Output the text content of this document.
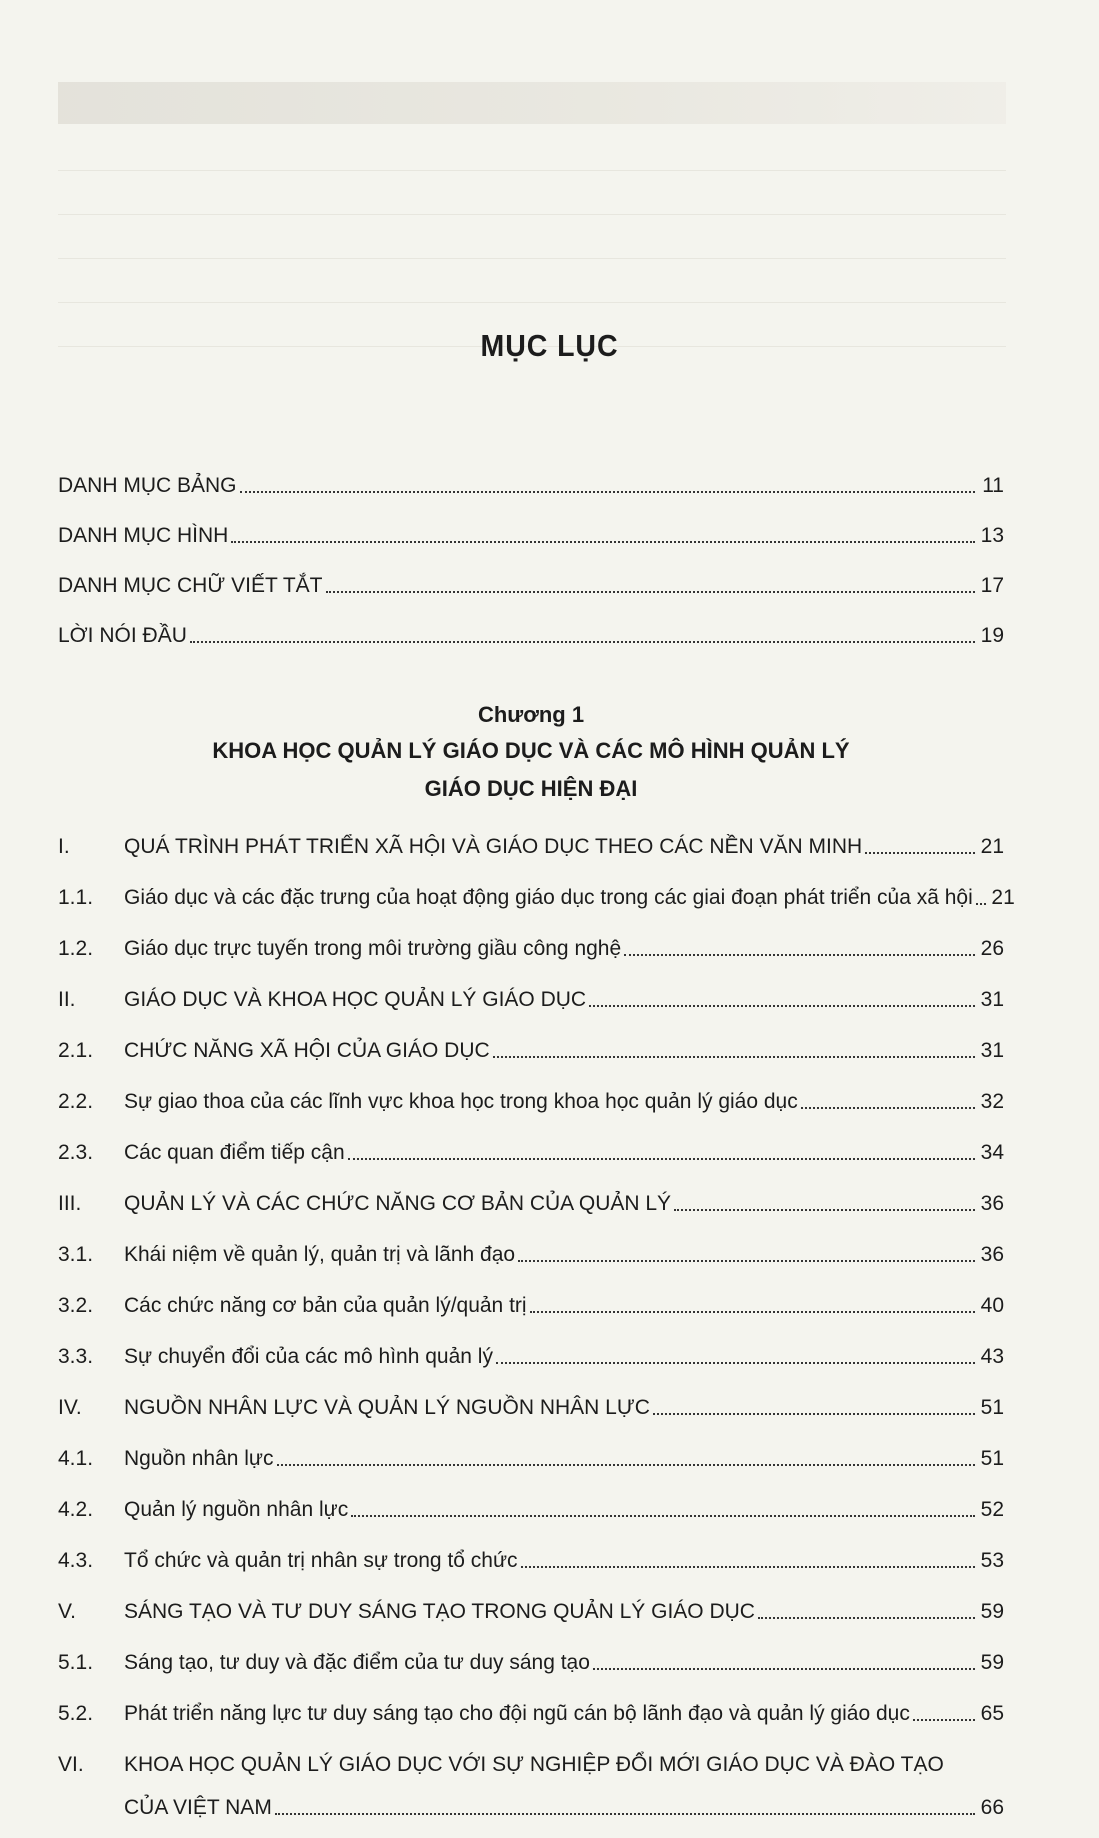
MỤC LỤC
DANH MỤC BẢNG	11
DANH MỤC HÌNH	13
DANH MỤC CHỮ VIẾT TẮT	17
LỜI NÓI ĐẦU	19
Chương 1
KHOA HỌC QUẢN LÝ GIÁO DỤC VÀ CÁC MÔ HÌNH QUẢN LÝ
GIÁO DỤC HIỆN ĐẠI
I.	QUÁ TRÌNH PHÁT TRIỂN XÃ HỘI VÀ GIÁO DỤC THEO CÁC NỀN VĂN MINH	21
1.1.	Giáo dục và các đặc trưng của hoạt động giáo dục trong các giai đoạn phát triển của xã hội 21
1.2.	Giáo dục trực tuyến trong môi trường giầu công nghệ	26
II.	GIÁO DỤC VÀ KHOA HỌC QUẢN LÝ GIÁO DỤC	31
2.1.	CHỨC NĂNG XÃ HỘI CỦA GIÁO DỤC	31
2.2.	Sự giao thoa của các lĩnh vực khoa học trong khoa học quản lý giáo dục	32
2.3.	Các quan điểm tiếp cận	34
III.	QUẢN LÝ VÀ CÁC CHỨC NĂNG CƠ BẢN CỦA QUẢN LÝ	36
3.1.	Khái niệm về quản lý, quản trị và lãnh đạo	36
3.2.	Các chức năng cơ bản của quản lý/quản trị	40
3.3.	Sự chuyển đổi của các mô hình quản lý	43
IV.	NGUỒN NHÂN LỰC VÀ QUẢN LÝ NGUỒN NHÂN LỰC	51
4.1.	Nguồn nhân lực	51
4.2.	Quản lý nguồn nhân lực	52
4.3.	Tổ chức và quản trị nhân sự trong tổ chức	53
V.	SÁNG TẠO VÀ TƯ DUY SÁNG TẠO TRONG QUẢN LÝ GIÁO DỤC	59
5.1.	Sáng tạo, tư duy và đặc điểm của tư duy sáng tạo	59
5.2.	Phát triển năng lực tư duy sáng tạo cho đội ngũ cán bộ lãnh đạo và quản lý giáo dục	65
VI.	KHOA HỌC QUẢN LÝ GIÁO DỤC VỚI SỰ NGHIỆP ĐỔI MỚI GIÁO DỤC VÀ ĐÀO TẠO
CỦA VIỆT NAM	66
